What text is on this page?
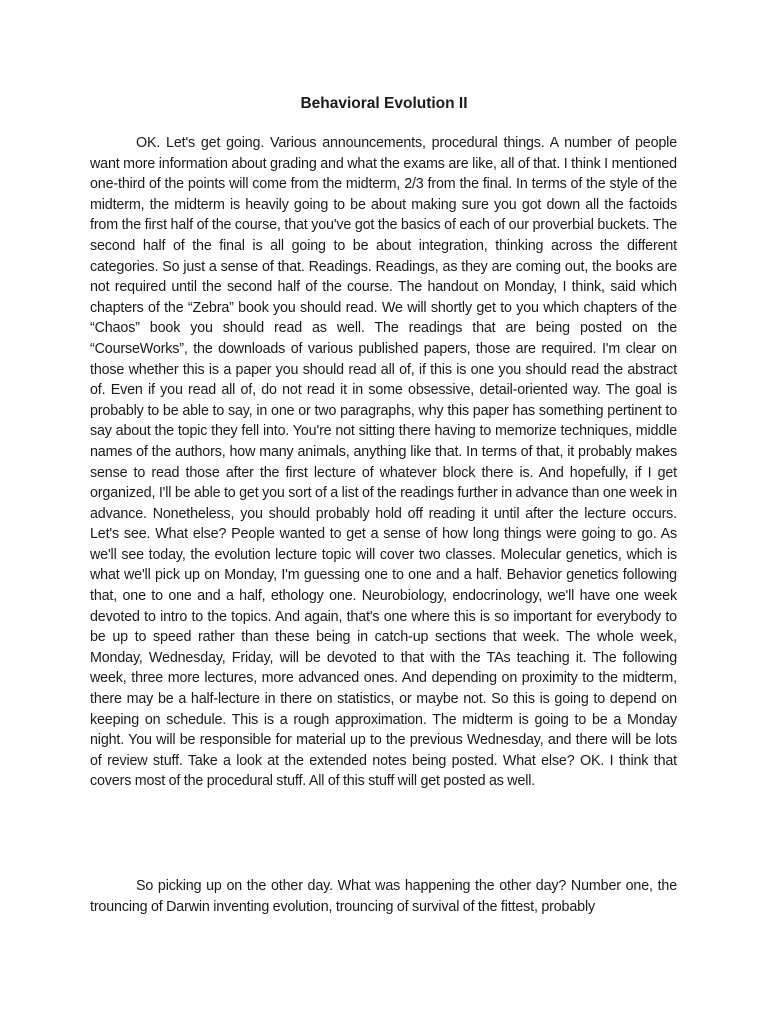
Behavioral Evolution II

OK. Let's get going. Various announcements, procedural things. A number of people want more information about grading and what the exams are like, all of that. I think I mentioned one-third of the points will come from the midterm, 2/3 from the final. In terms of the style of the midterm, the midterm is heavily going to be about making sure you got down all the factoids from the first half of the course, that you've got the basics of each of our proverbial buckets. The second half of the final is all going to be about integration, thinking across the different categories. So just a sense of that. Readings. Readings, as they are coming out, the books are not required until the second half of the course. The handout on Monday, I think, said which chapters of the “Zebra” book you should read. We will shortly get to you which chapters of the “Chaos” book you should read as well. The readings that are being posted on the “CourseWorks”, the downloads of various published papers, those are required. I'm clear on those whether this is a paper you should read all of, if this is one you should read the abstract of. Even if you read all of, do not read it in some obsessive, detail-oriented way. The goal is probably to be able to say, in one or two paragraphs, why this paper has something pertinent to say about the topic they fell into. You're not sitting there having to memorize techniques, middle names of the authors, how many animals, anything like that. In terms of that, it probably makes sense to read those after the first lecture of whatever block there is. And hopefully, if I get organized, I'll be able to get you sort of a list of the readings further in advance than one week in advance. Nonetheless, you should probably hold off reading it until after the lecture occurs. Let's see. What else? People wanted to get a sense of how long things were going to go. As we'll see today, the evolution lecture topic will cover two classes. Molecular genetics, which is what we'll pick up on Monday, I'm guessing one to one and a half. Behavior genetics following that, one to one and a half, ethology one. Neurobiology, endocrinology, we'll have one week devoted to intro to the topics. And again, that's one where this is so important for everybody to be up to speed rather than these being in catch-up sections that week. The whole week, Monday, Wednesday, Friday, will be devoted to that with the TAs teaching it. The following week, three more lectures, more advanced ones. And depending on proximity to the midterm, there may be a half-lecture in there on statistics, or maybe not. So this is going to depend on keeping on schedule. This is a rough approximation. The midterm is going to be a Monday night. You will be responsible for material up to the previous Wednesday, and there will be lots of review stuff. Take a look at the extended notes being posted. What else? OK. I think that covers most of the procedural stuff. All of this stuff will get posted as well.

So picking up on the other day. What was happening the other day? Number one, the trouncing of Darwin inventing evolution, trouncing of survival of the fittest, probably
